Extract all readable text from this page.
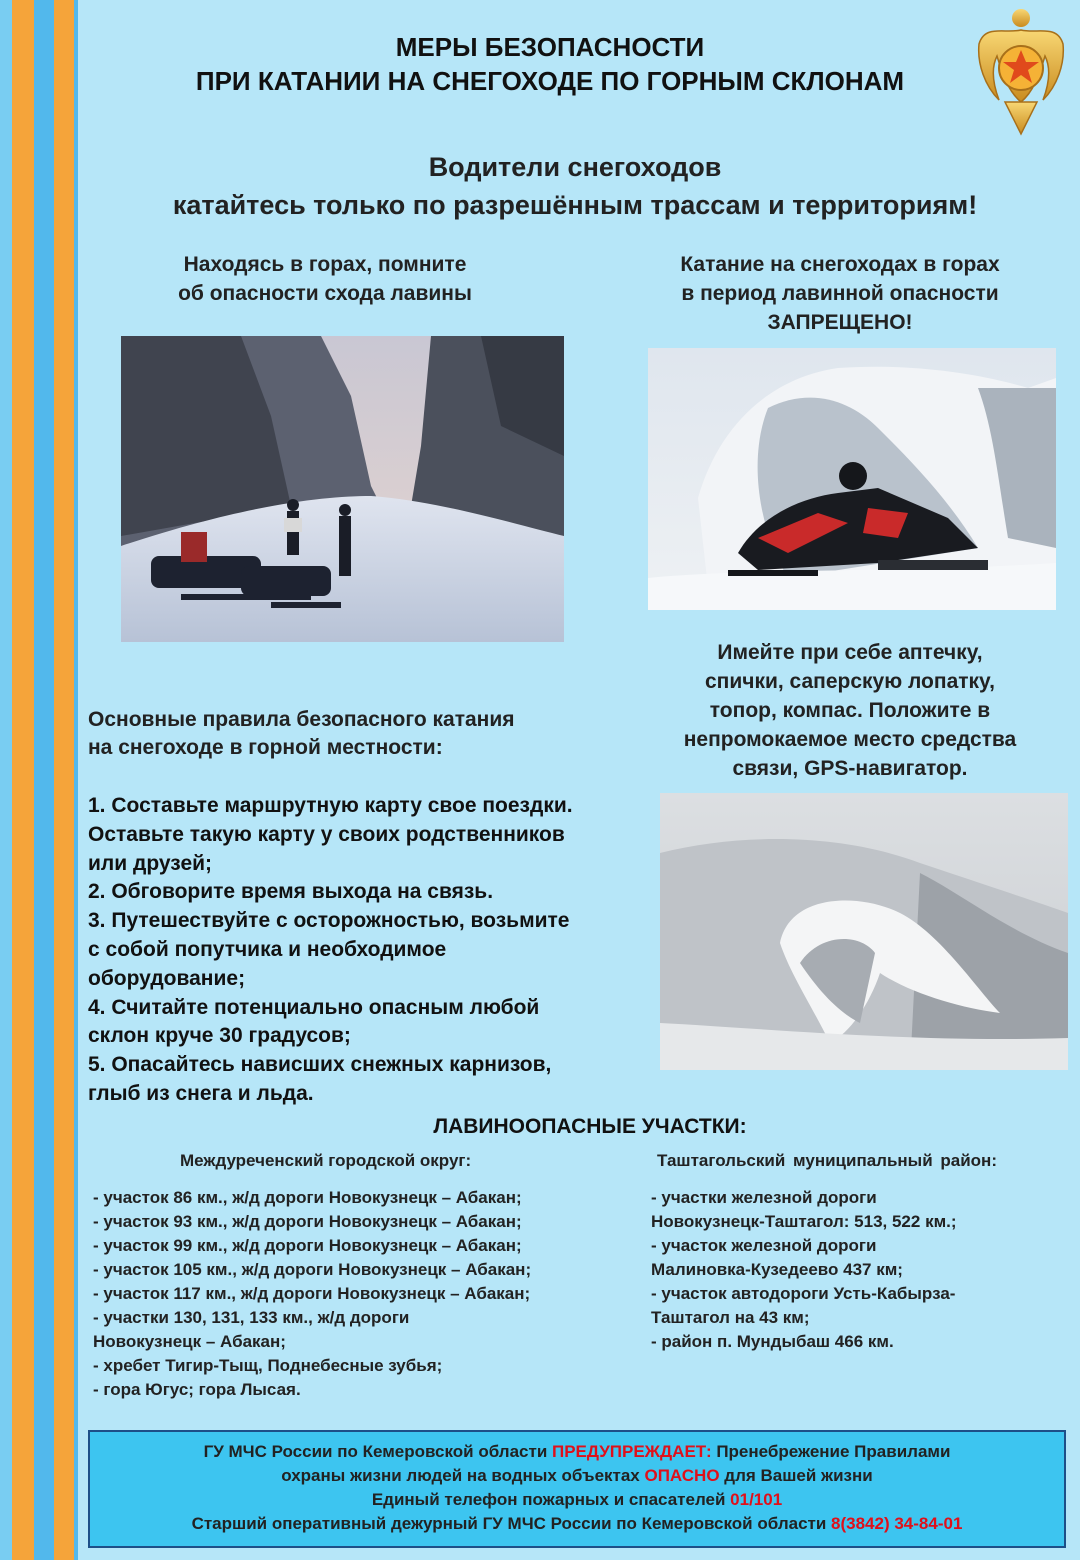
МЕРЫ БЕЗОПАСНОСТИ
ПРИ КАТАНИИ НА СНЕГОХОДЕ ПО ГОРНЫМ СКЛОНАМ
Водители снегоходов
катайтесь только по разрешённым трассам и территориям!
Находясь в горах, помните
об опасности схода лавины
Катание на снегоходах в горах
в период лавинной опасности
ЗАПРЕЩЕНО!
Имейте при себе аптечку,
спички, саперскую лопатку,
топор, компас. Положите в
непромокаемое место средства
связи, GPS-навигатор.
Основные правила безопасного катания
на снегоходе в горной местности:
1. Составьте маршрутную карту свое поездки.
Оставьте такую карту у своих родственников
или друзей;
2. Обговорите время выхода на связь.
3. Путешествуйте с осторожностью, возьмите
с собой попутчика и необходимое
оборудование;
4. Считайте потенциально опасным любой
склон круче 30 градусов;
5. Опасайтесь нависших снежных карнизов,
глыб из снега и льда.
ЛАВИНООПАСНЫЕ УЧАСТКИ:
Междуреченский городской округ:	Таштагольский муниципальный район:
- участок 86 км., ж/д дороги Новокузнецк – Абакан;
- участок 93 км., ж/д дороги Новокузнецк – Абакан;
- участок 99 км., ж/д дороги Новокузнецк – Абакан;
- участок 105 км., ж/д дороги Новокузнецк – Абакан;
- участок 117 км., ж/д дороги Новокузнецк – Абакан;
- участки 130, 131, 133 км., ж/д дороги
Новокузнецк – Абакан;
- хребет Тигир-Тыщ, Поднебесные зубья;
- гора Югус; гора Лысая.
- участки железной дороги
Новокузнецк-Таштагол: 513, 522 км.;
- участок железной дороги
Малиновка-Кузедеево 437 км;
- участок автодороги Усть-Кабырза-
Таштагол на 43 км;
- район п. Мундыбаш 466 км.
ГУ МЧС России по Кемеровской области ПРЕДУПРЕЖДАЕТ: Пренебрежение Правилами
охраны жизни людей на водных объектах ОПАСНО для Вашей жизни
Единый телефон пожарных и спасателей 01/101
Старший оперативный дежурный ГУ МЧС России по Кемеровской области 8(3842) 34-84-01
